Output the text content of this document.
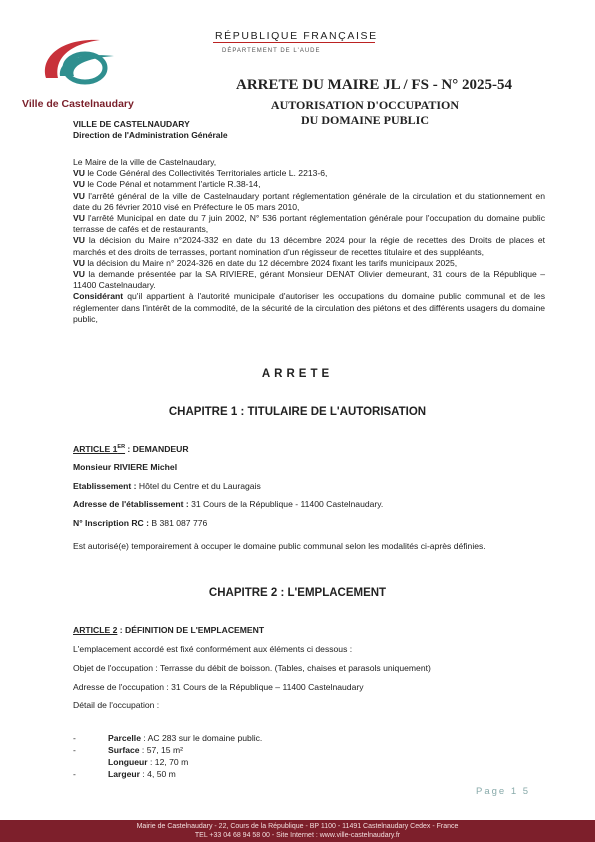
Ville de Castelnaudary
RÉPUBLIQUE FRANÇAISE
DÉPARTEMENT DE L'AUDE
ARRETE DU MAIRE JL / FS - N° 2025-54
AUTORISATION D'OCCUPATION
DU DOMAINE PUBLIC
VILLE DE CASTELNAUDARY
Direction de l'Administration Générale

Le Maire de la ville de Castelnaudary,

VU le Code Général des Collectivités Territoriales article L. 2213-6,

VU le Code Pénal et notamment l'article R.38-14,

VU l'arrêté général de la ville de Castelnaudary portant réglementation générale de la circulation et du stationnement en date du 26 février 2010 visé en Préfecture le 05 mars 2010,

VU l'arrêté Municipal en date du 7 juin 2002, N° 536 portant réglementation générale pour l'occupation du domaine public terrasse de cafés et de restaurants,

VU la décision du Maire n°2024-332 en date du 13 décembre 2024 pour la régie de recettes des Droits de places et marchés et des droits de terrasses, portant nomination d'un régisseur de recettes titulaire et des suppléants,

VU la décision du Maire n° 2024-326 en date du 12 décembre 2024 fixant les tarifs municipaux 2025,

VU la demande présentée par la SA RIVIERE, gérant Monsieur DENAT Olivier demeurant, 31 cours de la République – 11400 Castelnaudary.

Considérant qu'il appartient à l'autorité municipale d'autoriser les occupations du domaine public communal et de les réglementer dans l'intérêt de la commodité, de la sécurité de la circulation des piétons et des différents usagers du domaine public,

ARRETE
CHAPITRE 1 : TITULAIRE DE L'AUTORISATION
ARTICLE 1ER : DEMANDEUR
Monsieur RIVIERE Michel
Etablissement : Hôtel du Centre et du Lauragais
Adresse de l'établissement : 31 Cours de la République - 11400 Castelnaudary.
N° Inscription RC : B 381 087 776
Est autorisé(e) temporairement à occuper le domaine public communal selon les modalités ci-après définies.
CHAPITRE 2 : L'EMPLACEMENT
ARTICLE 2 : DÉFINITION DE L'EMPLACEMENT
L'emplacement accordé est fixé conformément aux éléments ci dessous :
Objet de l'occupation : Terrasse du débit de boisson. (Tables, chaises et parasols uniquement)
Adresse de l'occupation : 31 Cours de la République – 11400 Castelnaudary
Détail de l'occupation :
-	Parcelle : AC 283 sur le domaine public.
-	Surface : 57, 15 m²
Longueur : 12, 70 m
-	Largeur : 4, 50 m
Page 1 5
Mairie de Castelnaudary - 22, Cours de la République - BP 1100 - 11491 Castelnaudary Cedex - France
TEL +33 04 68 94 58 00 - Site Internet : www.ville-castelnaudary.fr
